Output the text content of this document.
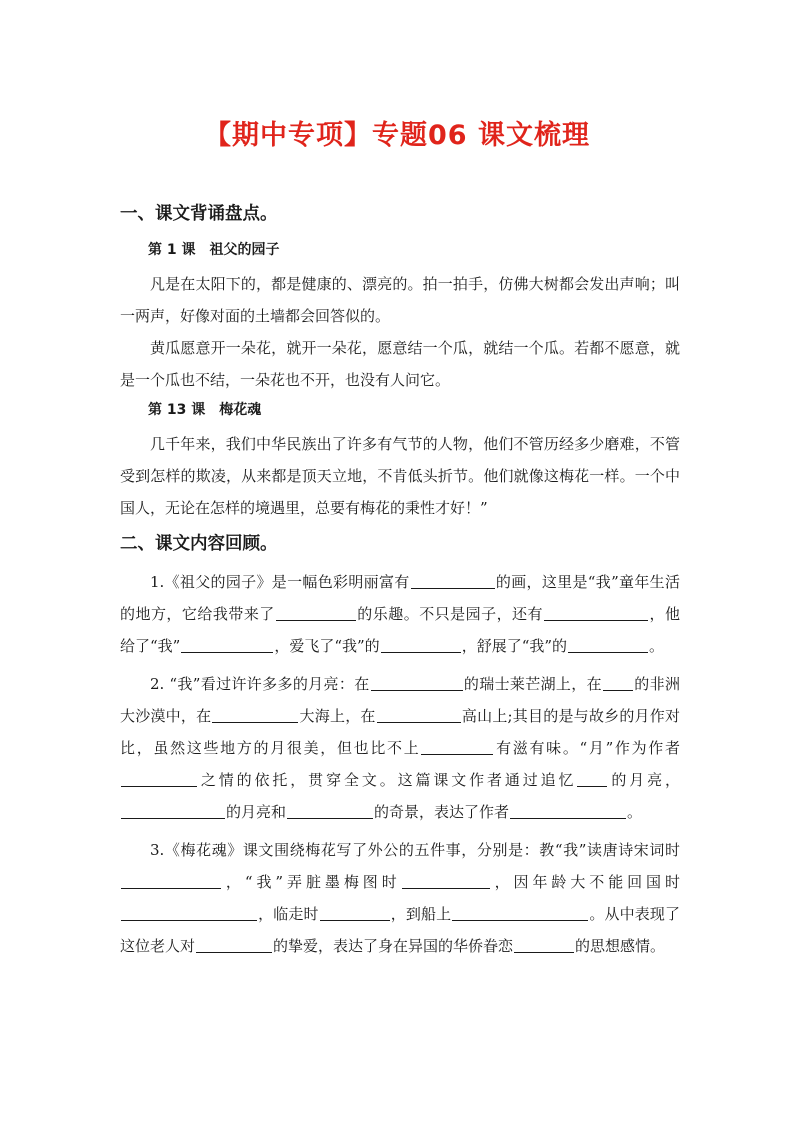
【期中专项】专题06 课文梳理
一、课文背诵盘点。
第 1 课　祖父的园子

凡是在太阳下的，都是健康的、漂亮的。拍一拍手，仿佛大树都会发出声响；叫一两声，好像对面的土墙都会回答似的。

黄瓜愿意开一朵花，就开一朵花，愿意结一个瓜，就结一个瓜。若都不愿意，就是一个瓜也不结，一朵花也不开，也没有人问它。

第 13 课　梅花魂

几千年来，我们中华民族出了许多有气节的人物，他们不管历经多少磨难，不管受到怎样的欺凌，从来都是顶天立地，不肯低头折节。他们就像这梅花一样。一个中国人，无论在怎样的境遇里，总要有梅花的秉性才好！”

二、课文内容回顾。

1.《祖父的园子》是一幅色彩明丽富有	的画，这里是“我”童年生活的地方，它给我带来了	的乐趣。不只是园子，还有	，他给了“我”	，爱飞了“我”的	，舒展了“我”的	。

2. “我”看过许许多多的月亮：在	的瑞士莱芒湖上，在 的非洲大沙漠中，在	大海上，在	高山上;其目的是与故乡的月作对比，虽然这些地方的月很美，但也比不上	有滋有味。“月”作为作者之情的依托，贯穿全文。这篇课文作者通过追忆 的月亮，的月亮和	的奇景，表达了作者	。

3.《梅花魂》课文围绕梅花写了外公的五件事，分别是：教“我”读唐诗宋词时，“我”弄脏墨梅图时	，因年龄大不能回国时，临走时	，到船上	。从中表现了这位老人对	的挚爱，表达了身在异国的华侨眷恋	的思想感情。
